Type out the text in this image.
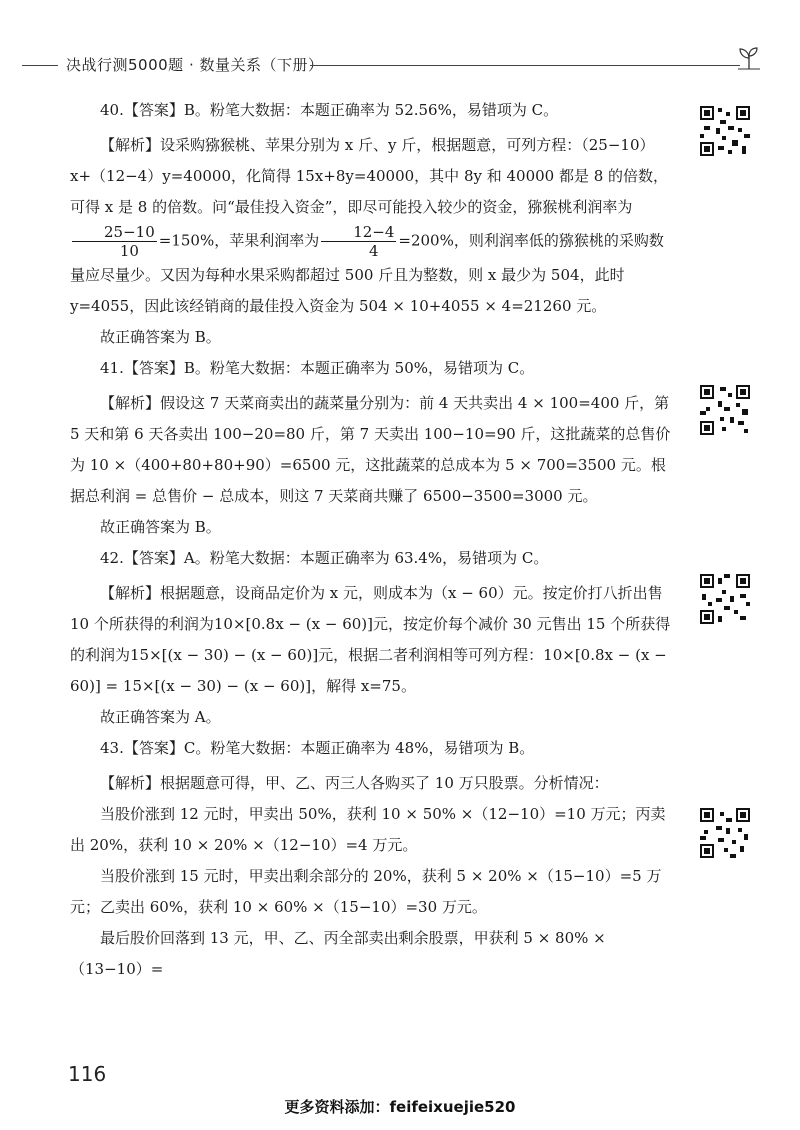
决战行测5000题 · 数量关系（下册）

40.【答案】B。粉笔大数据：本题正确率为 52.56%，易错项为 C。

【解析】设采购猕猴桃、苹果分别为 x 斤、y 斤，根据题意，可列方程：（25−10）x+（12−4）y=40000，化简得 15x+8y=40000，其中 8y 和 40000 都是 8 的倍数，可得 x 是 8 的倍数。问“最佳投入资金”，即尽可能投入较少的资金，猕猴桃利润率为

$\frac{25-10}{10} =150\%$，苹果利润率为 $\frac{12-4}{4} =200\%$，则利润率低的猕猴桃的采购数量应尽量少。又因为每种水果采购都超过 500 斤且为整数，则 x 最少为 504，此时 y=4055，因此该经销商的最佳投入资金为 504 × 10+4055 × 4=21260 元。

故正确答案为 B。

41.【答案】B。粉笔大数据：本题正确率为 50%，易错项为 C。

【解析】假设这 7 天菜商卖出的蔬菜量分别为：前 4 天共卖出 4 × 100=400 斤，第 5 天和第 6 天各卖出 100−20=80 斤，第 7 天卖出 100−10=90 斤，这批蔬菜的总售价为 10 ×（400+80+80+90）=6500 元，这批蔬菜的总成本为 5 × 700=3500 元。根据总利润 = 总售价 − 总成本，则这 7 天菜商共赚了 6500−3500=3000 元。

故正确答案为 B。

42.【答案】A。粉笔大数据：本题正确率为 63.4%，易错项为 C。

【解析】根据题意，设商品定价为 x 元，则成本为（x − 60）元。按定价打八折出售 10 个所获得的利润为10×[0.8x − (x − 60)]元，按定价每个减价 30 元售出 15 个所获得的利润为15×[(x − 30) − (x − 60)]元，根据二者利润相等可列方程：10×[0.8x − (x − 60)] = 15×[(x − 30) − (x − 60)]，解得 x=75。

故正确答案为 A。

43.【答案】C。粉笔大数据：本题正确率为 48%，易错项为 B。

【解析】根据题意可得，甲、乙、丙三人各购买了 10 万只股票。分析情况：

当股价涨到 12 元时，甲卖出 50%，获利 10 × 50% ×（12−10）=10 万元；丙卖出 20%，获利 10 × 20% ×（12−10）=4 万元。

当股价涨到 15 元时，甲卖出剩余部分的 20%，获利 5 × 20% ×（15−10）=5 万元；乙卖出 60%，获利 10 × 60% ×（15−10）=30 万元。

最后股价回落到 13 元，甲、乙、丙全部卖出剩余股票，甲获利 5 × 80% ×（13−10）=

116
更多资料添加：feifeixuejie520
